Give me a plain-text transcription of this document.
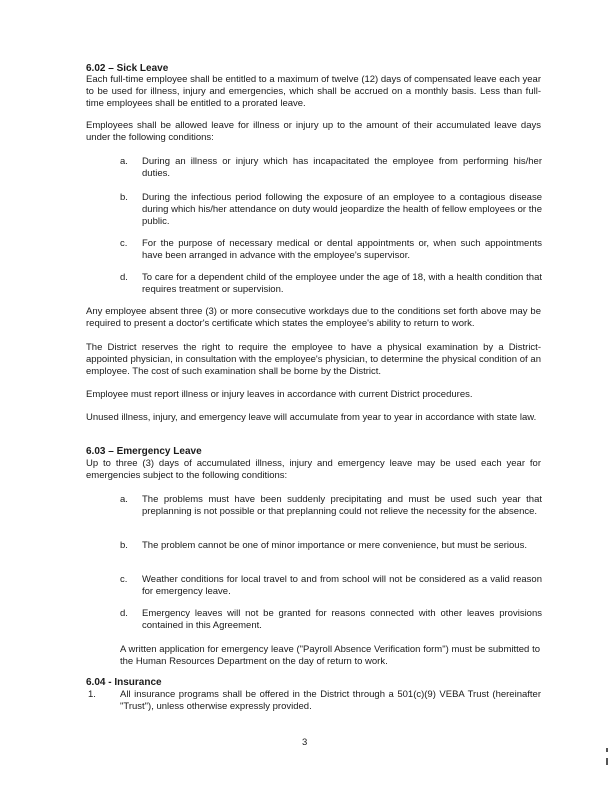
6.02 – Sick Leave
Each full-time employee shall be entitled to a maximum of twelve (12) days of compensated leave each year to be used for illness, injury and emergencies, which shall be accrued on a monthly basis. Less than full-time employees shall be entitled to a prorated leave.
Employees shall be allowed leave for illness or injury up to the amount of their accumulated leave days under the following conditions:
a. During an illness or injury which has incapacitated the employee from performing his/her duties.
b. During the infectious period following the exposure of an employee to a contagious disease during which his/her attendance on duty would jeopardize the health of fellow employees or the public.
c. For the purpose of necessary medical or dental appointments or, when such appointments have been arranged in advance with the employee's supervisor.
d. To care for a dependent child of the employee under the age of 18, with a health condition that requires treatment or supervision.
Any employee absent three (3) or more consecutive workdays due to the conditions set forth above may be required to present a doctor's certificate which states the employee's ability to return to work.
The District reserves the right to require the employee to have a physical examination by a District-appointed physician, in consultation with the employee's physician, to determine the physical condition of an employee. The cost of such examination shall be borne by the District.
Employee must report illness or injury leaves in accordance with current District procedures.
Unused illness, injury, and emergency leave will accumulate from year to year in accordance with state law.
6.03 – Emergency Leave
Up to three (3) days of accumulated illness, injury and emergency leave may be used each year for emergencies subject to the following conditions:
a. The problems must have been suddenly precipitating and must be used such year that preplanning is not possible or that preplanning could not relieve the necessity for the absence.
b. The problem cannot be one of minor importance or mere convenience, but must be serious.
c. Weather conditions for local travel to and from school will not be considered as a valid reason for emergency leave.
d. Emergency leaves will not be granted for reasons connected with other leaves provisions contained in this Agreement.
A written application for emergency leave ("Payroll Absence Verification form") must be submitted to the Human Resources Department on the day of return to work.
6.04 - Insurance
1.	All insurance programs shall be offered in the District through a 501(c)(9) VEBA Trust (hereinafter "Trust"), unless otherwise expressly provided.
3
